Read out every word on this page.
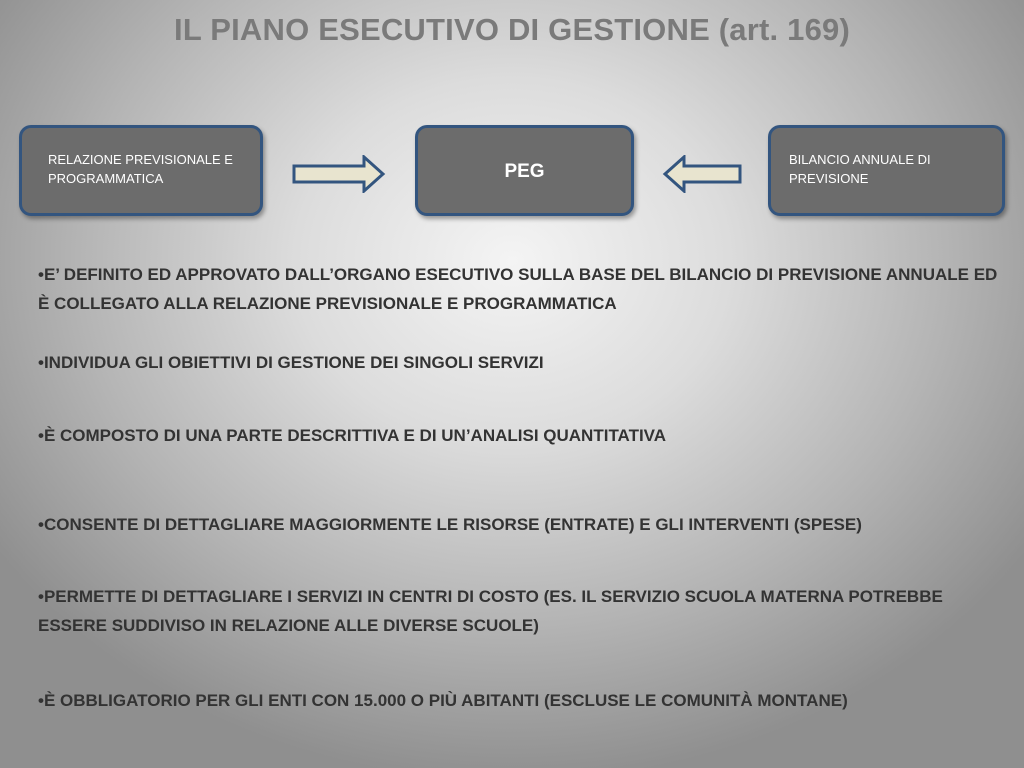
IL PIANO ESECUTIVO DI GESTIONE (art. 169)
RELAZIONE PREVISIONALE E PROGRAMMATICA	PEG
BILANCIO ANNUALE DI PREVISIONE

•E’ DEFINITO ED APPROVATO DALL’ORGANO ESECUTIVO SULLA BASE DEL BILANCIO DI PREVISIONE ANNUALE ED È COLLEGATO ALLA RELAZIONE PREVISIONALE E PROGRAMMATICA

•INDIVIDUA GLI OBIETTIVI DI GESTIONE DEI SINGOLI SERVIZI

•È COMPOSTO DI UNA PARTE DESCRITTIVA E DI UN’ANALISI QUANTITATIVA

•CONSENTE DI DETTAGLIARE MAGGIORMENTE LE RISORSE (ENTRATE) E GLI INTERVENTI (SPESE)

•PERMETTE DI DETTAGLIARE I SERVIZI IN CENTRI DI COSTO (ES. IL SERVIZIO SCUOLA MATERNA POTREBBE ESSERE SUDDIVISO IN RELAZIONE ALLE DIVERSE SCUOLE)

•È OBBLIGATORIO PER GLI ENTI CON 15.000 O PIÙ ABITANTI (ESCLUSE LE COMUNITÀ MONTANE)
